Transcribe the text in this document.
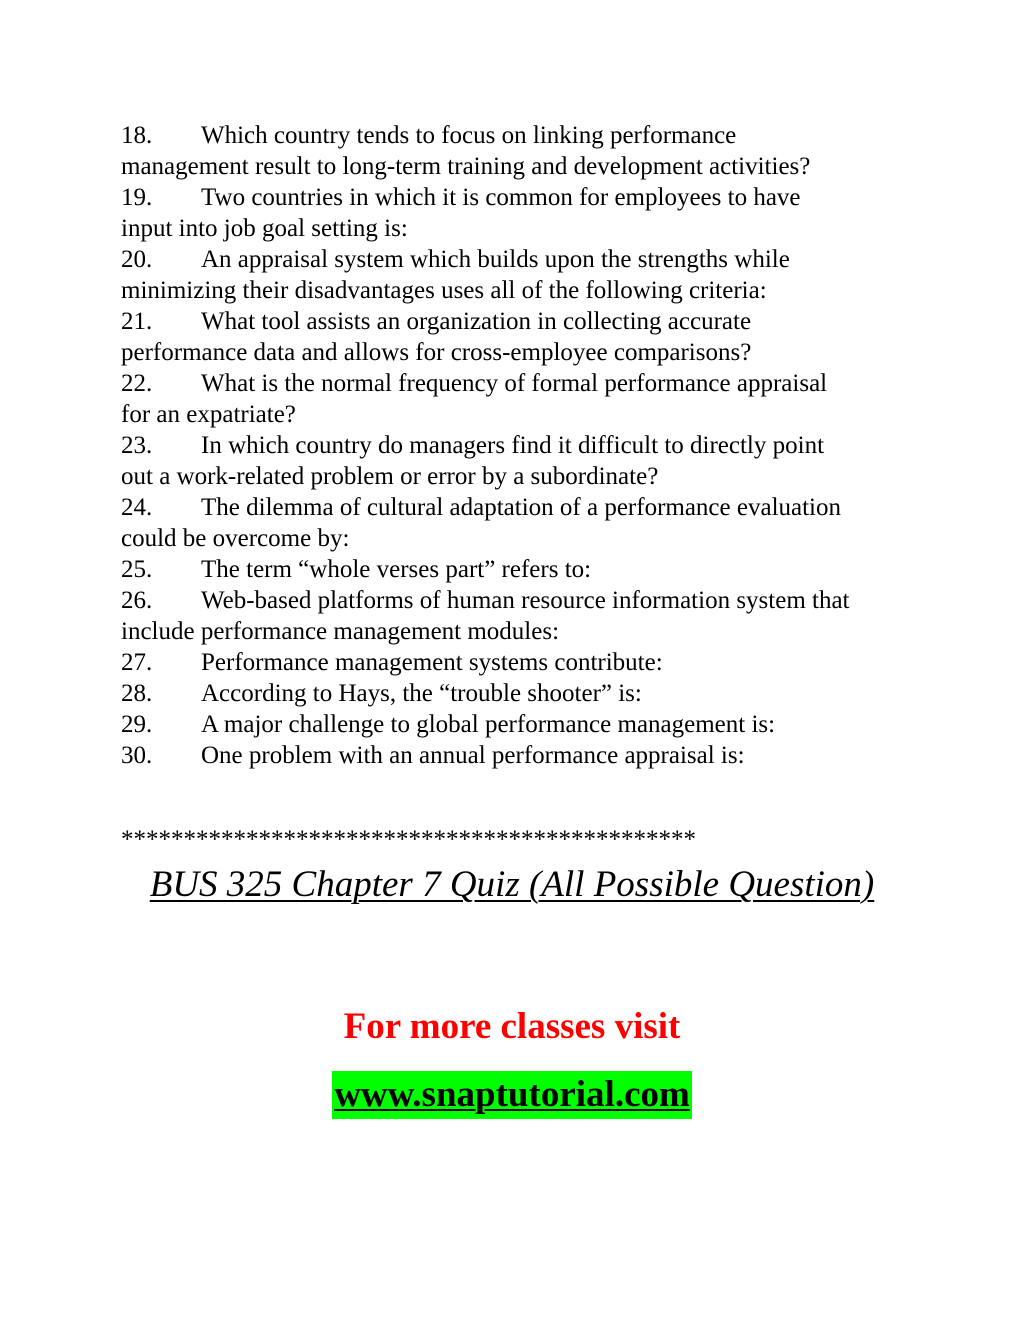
18. Which country tends to focus on linking performance
management result to long-term training and development activities?
19. Two countries in which it is common for employees to have
input into job goal setting is:
20. An appraisal system which builds upon the strengths while
minimizing their disadvantages uses all of the following criteria:
21. What tool assists an organization in collecting accurate
performance data and allows for cross-employee comparisons?
22. What is the normal frequency of formal performance appraisal
for an expatriate?
23. In which country do managers find it difficult to directly point
out a work-related problem or error by a subordinate?
24. The dilemma of cultural adaptation of a performance evaluation
could be overcome by:
25. The term “whole verses part” refers to:
26. Web-based platforms of human resource information system that
include performance management modules:
27. Performance management systems contribute:
28. According to Hays, the “trouble shooter” is:
29. A major challenge to global performance management is:
30. One problem with an annual performance appraisal is:
**********************************************
BUS 325 Chapter 7 Quiz (All Possible Question)
For more classes visit
www.snaptutorial.com
